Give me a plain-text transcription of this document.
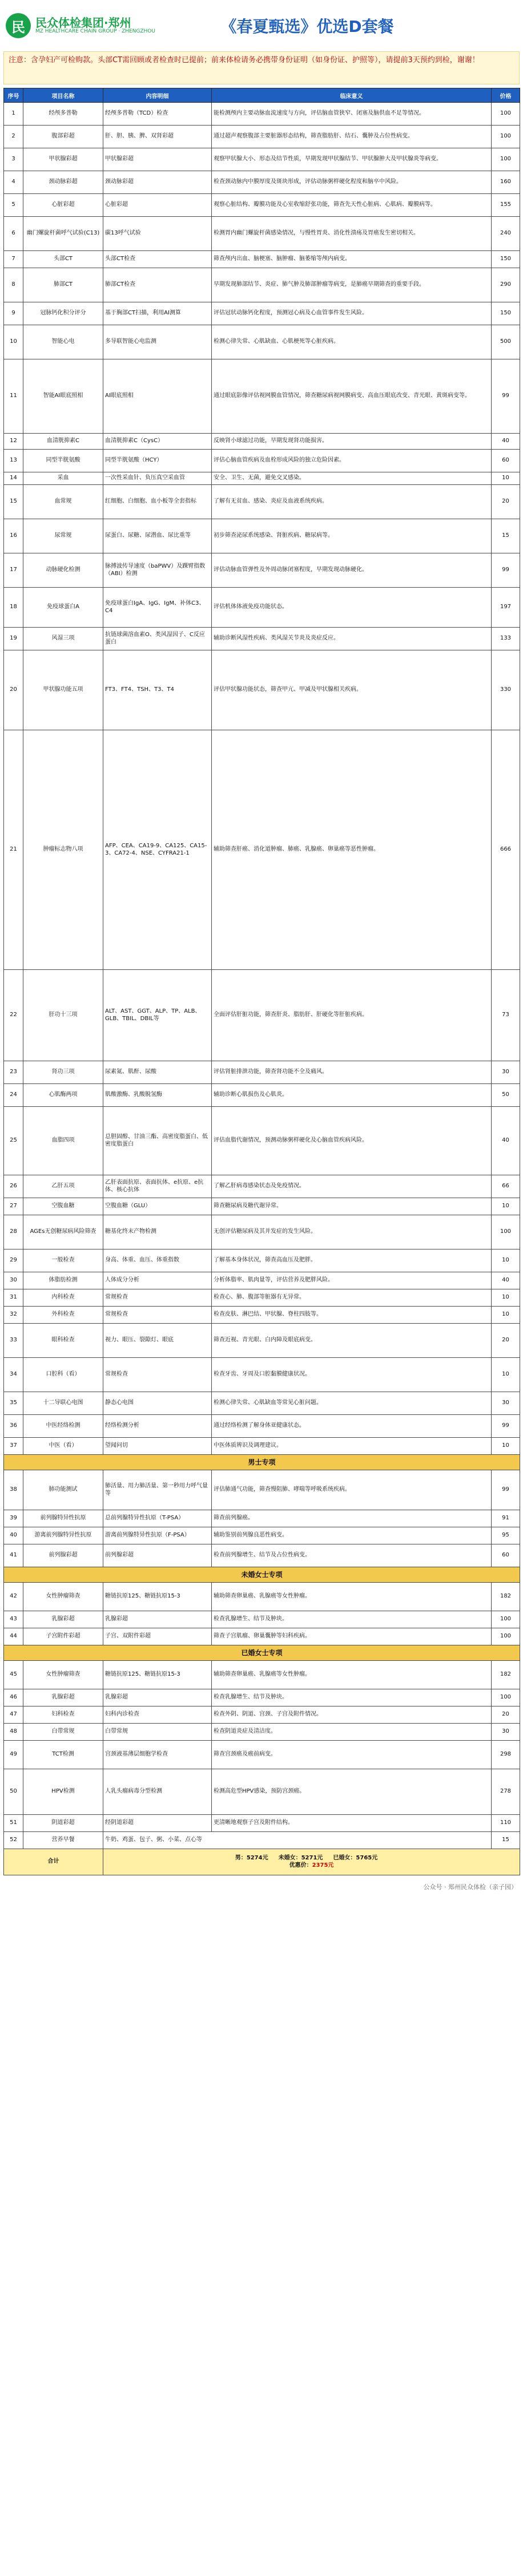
民 民众体检集团·郑州
MZ HEALTHCARE CHAIN GROUP · ZHENGZHOU	《春夏甄选》优选D套餐
注意：含孕妇产可检购款。头部CT需回顾或者检查时已提前；前来体检请务必携带身份证明（如身份证、护照等），请提前3天预约到检，谢谢！
序号	项目名称	内容明细	临床意义	价格
1	经颅多普勒	经颅多普勒（TCD）检查	能检测颅内主要动脉血流速度与方向，评估脑血管狭窄、闭塞及脑供血不足等情况。	100
2	腹部彩超	肝、胆、胰、脾、双肾彩超	通过超声观察腹部主要脏器形态结构，筛查脂肪肝、结石、囊肿及占位性病变。	100
3	甲状腺彩超	甲状腺彩超	观察甲状腺大小、形态及结节性质，早期发现甲状腺结节、甲状腺肿大及甲状腺炎等病变。	100
4	颈动脉彩超	颈动脉彩超	检查颈动脉内中膜厚度及斑块形成，评估动脉粥样硬化程度和脑卒中风险。	160
5	心脏彩超	心脏彩超	观察心脏结构、瓣膜功能及心室收缩舒张功能，筛查先天性心脏病、心肌病、瓣膜病等。	155
6	幽门螺旋杆菌呼气试验(C13)	碳13呼气试验	检测胃内幽门螺旋杆菌感染情况，与慢性胃炎、消化性溃疡及胃癌发生密切相关。	240
7	头部CT	头部CT检查	筛查颅内出血、脑梗塞、脑肿瘤、脑萎缩等颅内病变。	150
8	肺部CT	肺部CT检查	早期发现肺部结节、炎症、肺气肿及肺部肿瘤等病变，是肺癌早期筛查的重要手段。	290
9	冠脉钙化积分评分	基于胸部CT扫描，利用AI测算	评估冠状动脉钙化程度，预测冠心病及心血管事件发生风险。	150
10	智能心电	多导联智能心电监测	检测心律失常、心肌缺血、心肌梗死等心脏疾病。	500
11	智能AI眼底照相	AI眼底照相	通过眼底影像评估视网膜血管情况，筛查糖尿病视网膜病变、高血压眼底改变、青光眼、黄斑病变等。	99
12	血清胱抑素C	血清胱抑素C（CysC）	反映肾小球滤过功能，早期发现肾功能损害。	40
13	同型半胱氨酸	同型半胱氨酸（HCY）	评估心脑血管疾病及血栓形成风险的独立危险因素。	60
14	采血	一次性采血针、负压真空采血管	安全、卫生、无菌，避免交叉感染。	10
15	血常规	红细胞、白细胞、血小板等全套指标	了解有无贫血、感染、炎症及血液系统疾病。	20
16	尿常规	尿蛋白、尿糖、尿潜血、尿比重等	初步筛查泌尿系统感染、肾脏疾病、糖尿病等。	15
17	动脉硬化检测	脉搏波传导速度（baPWV）及踝臂指数（ABI）检测	评估动脉血管弹性及外周动脉闭塞程度，早期发现动脉硬化。	99
18	免疫球蛋白A	免疫球蛋白IgA、IgG、IgM、补体C3、C4	评估机体体液免疫功能状态。	197
19	风湿三项	抗链球菌溶血素O、类风湿因子、C反应蛋白	辅助诊断风湿性疾病、类风湿关节炎及炎症反应。	133
20	甲状腺功能五项	FT3、FT4、TSH、T3、T4	评估甲状腺功能状态，筛查甲亢、甲减及甲状腺相关疾病。	330
21	肿瘤标志物八项	AFP、CEA、CA19-9、CA125、CA15-3、CA72-4、NSE、CYFRA21-1	辅助筛查肝癌、消化道肿瘤、肺癌、乳腺癌、卵巢癌等恶性肿瘤。	666
22	肝功十三项	ALT、AST、GGT、ALP、TP、ALB、GLB、TBIL、DBIL等	全面评估肝脏功能，筛查肝炎、脂肪肝、肝硬化等肝脏疾病。	73
23	肾功三项	尿素氮、肌酐、尿酸	评估肾脏排泄功能，筛查肾功能不全及痛风。	30
24	心肌酶两项	肌酸激酶、乳酸脱氢酶	辅助诊断心肌损伤及心肌炎。	50
25	血脂四项	总胆固醇、甘油三酯、高密度脂蛋白、低密度脂蛋白	评估血脂代谢情况，预测动脉粥样硬化及心脑血管疾病风险。	40
26	乙肝五项	乙肝表面抗原、表面抗体、e抗原、e抗体、核心抗体	了解乙肝病毒感染状态及免疫情况。	66
27	空腹血糖	空腹血糖（GLU）	筛查糖尿病及糖代谢异常。	10
28	AGEs无创糖尿病风险筛查	糖基化终末产物检测	无创评估糖尿病及其并发症的发生风险。	100
29	一般检查	身高、体重、血压、体重指数	了解基本身体状况，筛查高血压及肥胖。	10
30	体脂肪检测	人体成分分析	分析体脂率、肌肉量等，评估营养及肥胖风险。	40
31	内科检查	常规检查	检查心、肺、腹部等脏器有无异常。	10
32	外科检查	常规检查	检查皮肤、淋巴结、甲状腺、脊柱四肢等。	10
33	眼科检查	视力、眼压、裂隙灯、眼底	筛查近视、青光眼、白内障及眼底病变。	20
34	口腔科（看）	常规检查	检查牙齿、牙周及口腔黏膜健康状况。	10
35	十二导联心电图	静态心电图	检测心律失常、心肌缺血等常见心脏问题。	30
36	中医经络检测	经络检测分析	通过经络检测了解身体亚健康状态。	99
37	中医（看）	望闻问切	中医体质辨识及调理建议。	10
男士专项				
38	肺功能测试	肺活量、用力肺活量、第一秒用力呼气量等	评估肺通气功能，筛查慢阻肺、哮喘等呼吸系统疾病。	99
39	前列腺特异性抗原	总前列腺特异性抗原（T-PSA）	筛查前列腺癌。	91
40	游离前列腺特异性抗原	游离前列腺特异性抗原（F-PSA）	辅助鉴别前列腺良恶性病变。	95
41	前列腺彩超	前列腺彩超	检查前列腺增生、结节及占位性病变。	60
未婚女士专项				
42	女性肿瘤筛查	糖链抗原125、糖链抗原15-3	辅助筛查卵巢癌、乳腺癌等女性肿瘤。	182
43	乳腺彩超	乳腺彩超	检查乳腺增生、结节及肿块。	100
44	子宫附件彩超	子宫、双附件彩超	筛查子宫肌瘤、卵巢囊肿等妇科疾病。	100
已婚女士专项				
45	女性肿瘤筛查	糖链抗原125、糖链抗原15-3	辅助筛查卵巢癌、乳腺癌等女性肿瘤。	182
46	乳腺彩超	乳腺彩超	检查乳腺增生、结节及肿块。	100
47	妇科检查	妇科内诊检查	检查外阴、阴道、宫颈、子宫及附件情况。	20
48	白带常规	白带常规	检查阴道炎症及清洁度。	30
49	TCT检测	宫颈液基薄层细胞学检查	筛查宫颈癌及癌前病变。	298
50	HPV检测	人乳头瘤病毒分型检测	检测高危型HPV感染，预防宫颈癌。	278
51	阴道彩超	经阴道彩超	更清晰地观察子宫及附件结构。	110
52	营养早餐	牛奶、鸡蛋、包子、粥、小菜、点心等		15
合计		男：5274元 未婚女：5271元 已婚女：5765元
优惠价：2375元		
公众号 · 郑州民众体检（亲子园）
